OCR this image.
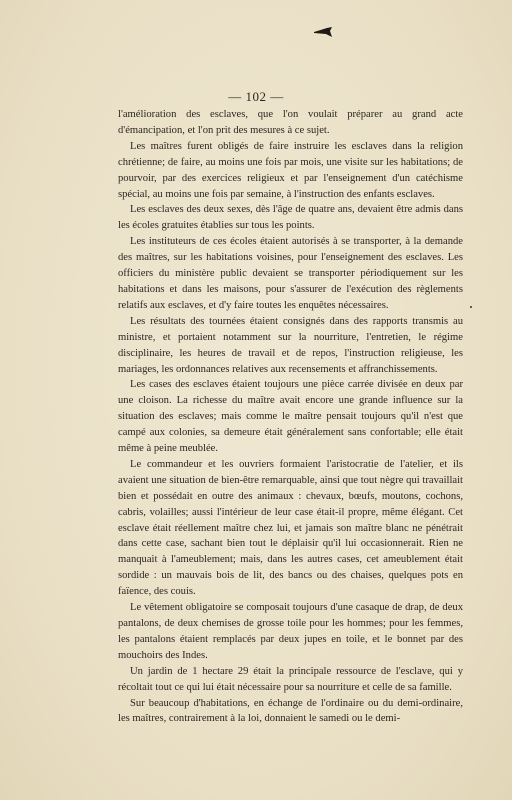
— 102 —

l'amélioration des esclaves, que l'on voulait préparer au grand acte d'émancipation, et l'on prit des mesures à ce sujet.

Les maîtres furent obligés de faire instruire les esclaves dans la religion chrétienne; de faire, au moins une fois par mois, une visite sur les habitations; de pourvoir, par des exercices religieux et par l'enseignement d'un catéchisme spécial, au moins une fois par semaine, à l'instruction des enfants esclaves.

Les esclaves des deux sexes, dès l'âge de quatre ans, devaient être admis dans les écoles gratuites établies sur tous les points.

Les instituteurs de ces écoles étaient autorisés à se transporter, à la demande des maîtres, sur les habitations voisines, pour l'enseignement des esclaves. Les officiers du ministère public devaient se transporter périodiquement sur les habitations et dans les maisons, pour s'assurer de l'exécution des règlements relatifs aux esclaves, et d'y faire toutes les enquêtes nécessaires.

Les résultats des tournées étaient consignés dans des rapports transmis au ministre, et portaient notamment sur la nourriture, l'entretien, le régime disciplinaire, les heures de travail et de repos, l'instruction religieuse, les mariages, les ordonnances relatives aux recensements et affranchissements.

Les cases des esclaves étaient toujours une pièce carrée divisée en deux par une cloison. La richesse du maître avait encore une grande influence sur la situation des esclaves; mais comme le maître pensait toujours qu'il n'est que campé aux colonies, sa demeure était généralement sans confortable; elle était même à peine meublée.

Le commandeur et les ouvriers formaient l'aristocratie de l'atelier, et ils avaient une situation de bien-être remarquable, ainsi que tout nègre qui travaillait bien et possédait en outre des animaux : chevaux, bœufs, moutons, cochons, cabris, volailles; aussi l'intérieur de leur case était-il propre, même élégant. Cet esclave était réellement maître chez lui, et jamais son maître blanc ne pénétrait dans cette case, sachant bien tout le déplaisir qu'il lui occasionnerait. Rien ne manquait à l'ameublement; mais, dans les autres cases, cet ameublement était sordide : un mauvais bois de lit, des bancs ou des chaises, quelques pots en faïence, des couis.

Le vêtement obligatoire se composait toujours d'une casaque de drap, de deux pantalons, de deux chemises de grosse toile pour les hommes; pour les femmes, les pantalons étaient remplacés par deux jupes en toile, et le bonnet par des mouchoirs des Indes.

Un jardin de 1 hectare 29 était la principale ressource de l'esclave, qui y récoltait tout ce qui lui était nécessaire pour sa nourriture et celle de sa famille.

Sur beaucoup d'habitations, en échange de l'ordinaire ou du demi-ordinaire, les maîtres, contrairement à la loi, donnaient le samedi ou le demi-
